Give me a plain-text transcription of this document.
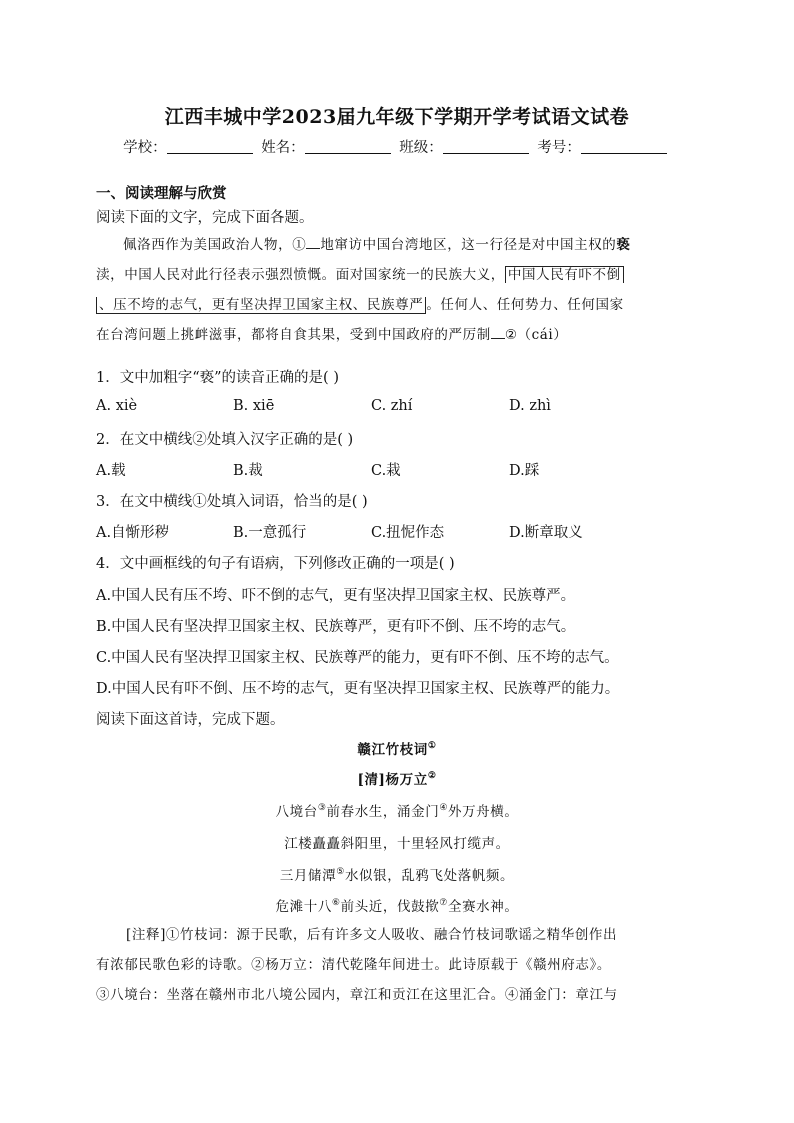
江西丰城中学2023届九年级下学期开学考试语文试卷
学校：	姓名：	班级：	考号：
一、阅读理解与欣赏
阅读下面的文字，完成下面各题。
佩洛西作为美国政治人物，① 地窜访中国台湾地区，这一行径是对中国主权的亵
渎，中国人民对此行径表示强烈愤慨。面对国家统一的民族大义， 中国人民有吓不倒
、压不垮的志气，更有坚决捍卫国家主权、民族尊严 。任何人、任何势力、任何国家
在台湾问题上挑衅滋事，都将自食其果，受到中国政府的严厉制 ②（cái）
1．文中加粗字“亵”的读音正确的是( )
A. xiè	B. xiē	C. zhí	D. zhì
2．在文中横线②处填入汉字正确的是( )
A.载	B.裁	C.栽	D.踩
3．在文中横线①处填入词语，恰当的是( )
A.自惭形秽	B.一意孤行	C.扭怩作态	D.断章取义
4．文中画框线的句子有语病，下列修改正确的一项是( )
A.中国人民有压不垮、吓不倒的志气，更有坚决捍卫国家主权、民族尊严。
B.中国人民有坚决捍卫国家主权、民族尊严，更有吓不倒、压不垮的志气。
C.中国人民有坚决捍卫国家主权、民族尊严的能力，更有吓不倒、压不垮的志气。
D.中国人民有吓不倒、压不垮的志气，更有坚决捍卫国家主权、民族尊严的能力。
阅读下面这首诗，完成下题。
赣江竹枝词①
[清]杨万立②
八境台③前春水生，涌金门④外万舟横。
江楼矗矗斜阳里，十里轻风打缆声。
三月储潭⑤水似银，乱鸦飞处落帆频。
危滩十八⑥前头近，伐鼓揿⑦全赛水神。
[注释]①竹枝词：源于民歌，后有许多文人吸收、融合竹枝词歌谣之精华创作出
有浓郁民歌色彩的诗歌。②杨万立：清代乾隆年间进士。此诗原载于《赣州府志》。
③八境台：坐落在赣州市北八境公园内，章江和贡江在这里汇合。④涌金门：章江与
